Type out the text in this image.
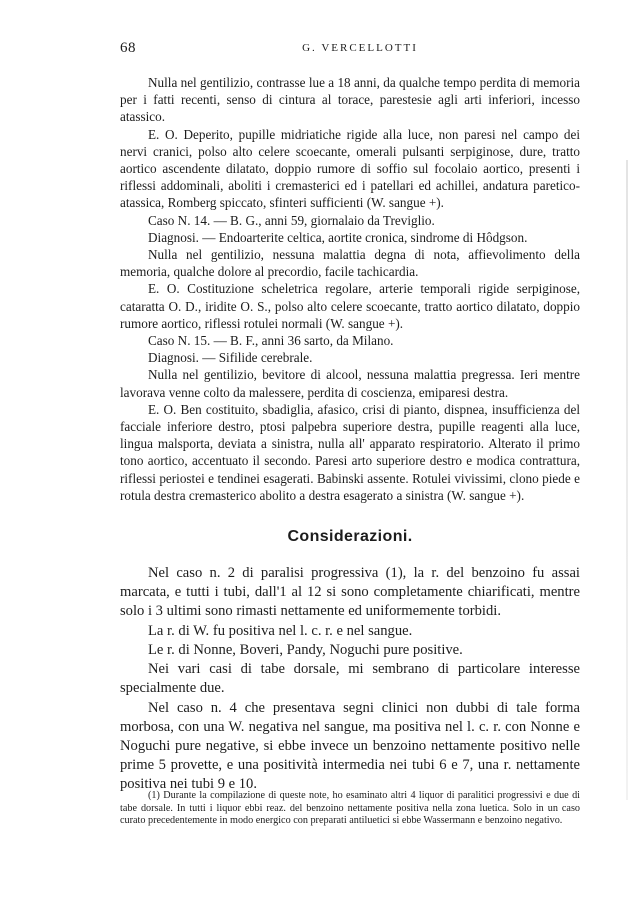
68	G. VERCELLOTTI

Nulla nel gentilizio, contrasse lue a 18 anni, da qualche tempo perdita di memoria per i fatti recenti, senso di cintura al torace, parestesie agli arti inferiori, incesso atassico.

E. O. Deperito, pupille midriatiche rigide alla luce, non paresi nel campo dei nervi cranici, polso alto celere scoecante, omerali pulsanti serpiginose, dure, tratto aortico ascendente dilatato, doppio rumore di soffio sul focolaio aortico, presenti i riflessi addominali, aboliti i cremasterici ed i patellari ed achillei, andatura paretico-atassica, Romberg spiccato, sfinteri sufficienti (W. sangue +).

Caso N. 14. — B. G., anni 59, giornalaio da Treviglio.

Diagnosi. — Endoarterite celtica, aortite cronica, sindrome di Hôdgson.

Nulla nel gentilizio, nessuna malattia degna di nota, affievolimento della memoria, qualche dolore al precordio, facile tachicardia.

E. O. Costituzione scheletrica regolare, arterie temporali rigide serpiginose, cataratta O. D., iridite O. S., polso alto celere scoecante, tratto aortico dilatato, doppio rumore aortico, riflessi rotulei normali (W. sangue +).

Caso N. 15. — B. F., anni 36 sarto, da Milano.

Diagnosi. — Sifilide cerebrale.

Nulla nel gentilizio, bevitore di alcool, nessuna malattia pregressa. Ieri mentre lavorava venne colto da malessere, perdita di coscienza, emiparesi destra.

E. O. Ben costituito, sbadiglia, afasico, crisi di pianto, dispnea, insufficienza del facciale inferiore destro, ptosi palpebra superiore destra, pupille reagenti alla luce, lingua malsporta, deviata a sinistra, nulla all' apparato respiratorio. Alterato il primo tono aortico, accentuato il secondo. Paresi arto superiore destro e modica contrattura, riflessi periostei e tendinei esagerati. Babinski assente. Rotulei vivissimi, clono piede e rotula destra cremasterico abolito a destra esagerato a sinistra (W. sangue +).

Considerazioni.

Nel caso n. 2 di paralisi progressiva (1), la r. del benzoino fu assai marcata, e tutti i tubi, dall'1 al 12 si sono completamente chiarificati, mentre solo i 3 ultimi sono rimasti nettamente ed uniformemente torbidi.

La r. di W. fu positiva nel l. c. r. e nel sangue.

Le r. di Nonne, Boveri, Pandy, Noguchi pure positive.

Nei vari casi di tabe dorsale, mi sembrano di particolare interesse specialmente due.

Nel caso n. 4 che presentava segni clinici non dubbi di tale forma morbosa, con una W. negativa nel sangue, ma positiva nel l. c. r. con Nonne e Noguchi pure negative, si ebbe invece un benzoino nettamente positivo nelle prime 5 provette, e una positività intermedia nei tubi 6 e 7, una r. nettamente positiva nei tubi 9 e 10.

(1) Durante la compilazione di queste note, ho esaminato altri 4 liquor di paralitici progressivi e due di tabe dorsale. In tutti i liquor ebbi reaz. del benzoino nettamente positiva nella zona luetica. Solo in un caso curato precedentemente in modo energico con preparati antiluetici si ebbe Wassermann e benzoino negativo.
